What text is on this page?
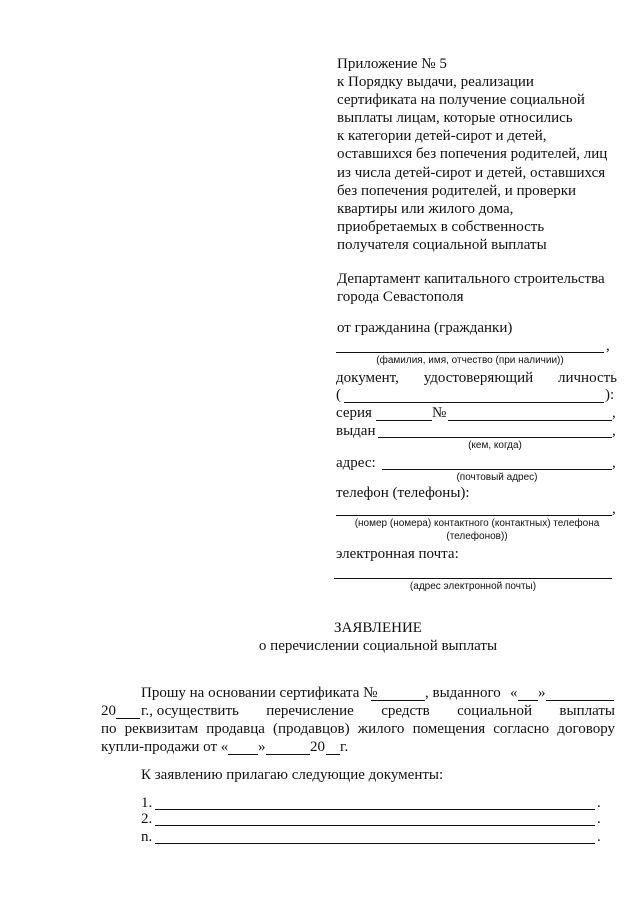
Приложение № 5
к Порядку выдачи, реализации
сертификата на получение социальной
выплаты лицам, которые относились
к категории детей-сирот и детей,
оставшихся без попечения родителей, лиц
из числа детей-сирот и детей, оставшихся
без попечения родителей, и проверки
квартиры или жилого дома,
приобретаемых в собственность
получателя социальной выплаты
Департамент капитального строительства
города Севастополя
от гражданина (гражданки)
,
(фамилия, имя, отчество (при наличии))
документ, удостоверяющий личность
(	):
серия	№	,
выдан	,
(кем, когда)
адрес:	,
(почтовый адрес)
телефон (телефоны):
,
(номер (номера) контактного (контактных) телефона
(телефонов))
электронная почта:
(адрес электронной почты)
ЗАЯВЛЕНИЕ
о перечислении социальной выплаты
Прошу на основании сертификата №	, выданного « »
20 г., осуществить перечисление средств социальной выплаты
по реквизитам продавца (продавцов) жилого помещения согласно договору
купли-продажи от « »	20 г.
К заявлению прилагаю следующие документы:
1.	.
2.	.
n.	.
